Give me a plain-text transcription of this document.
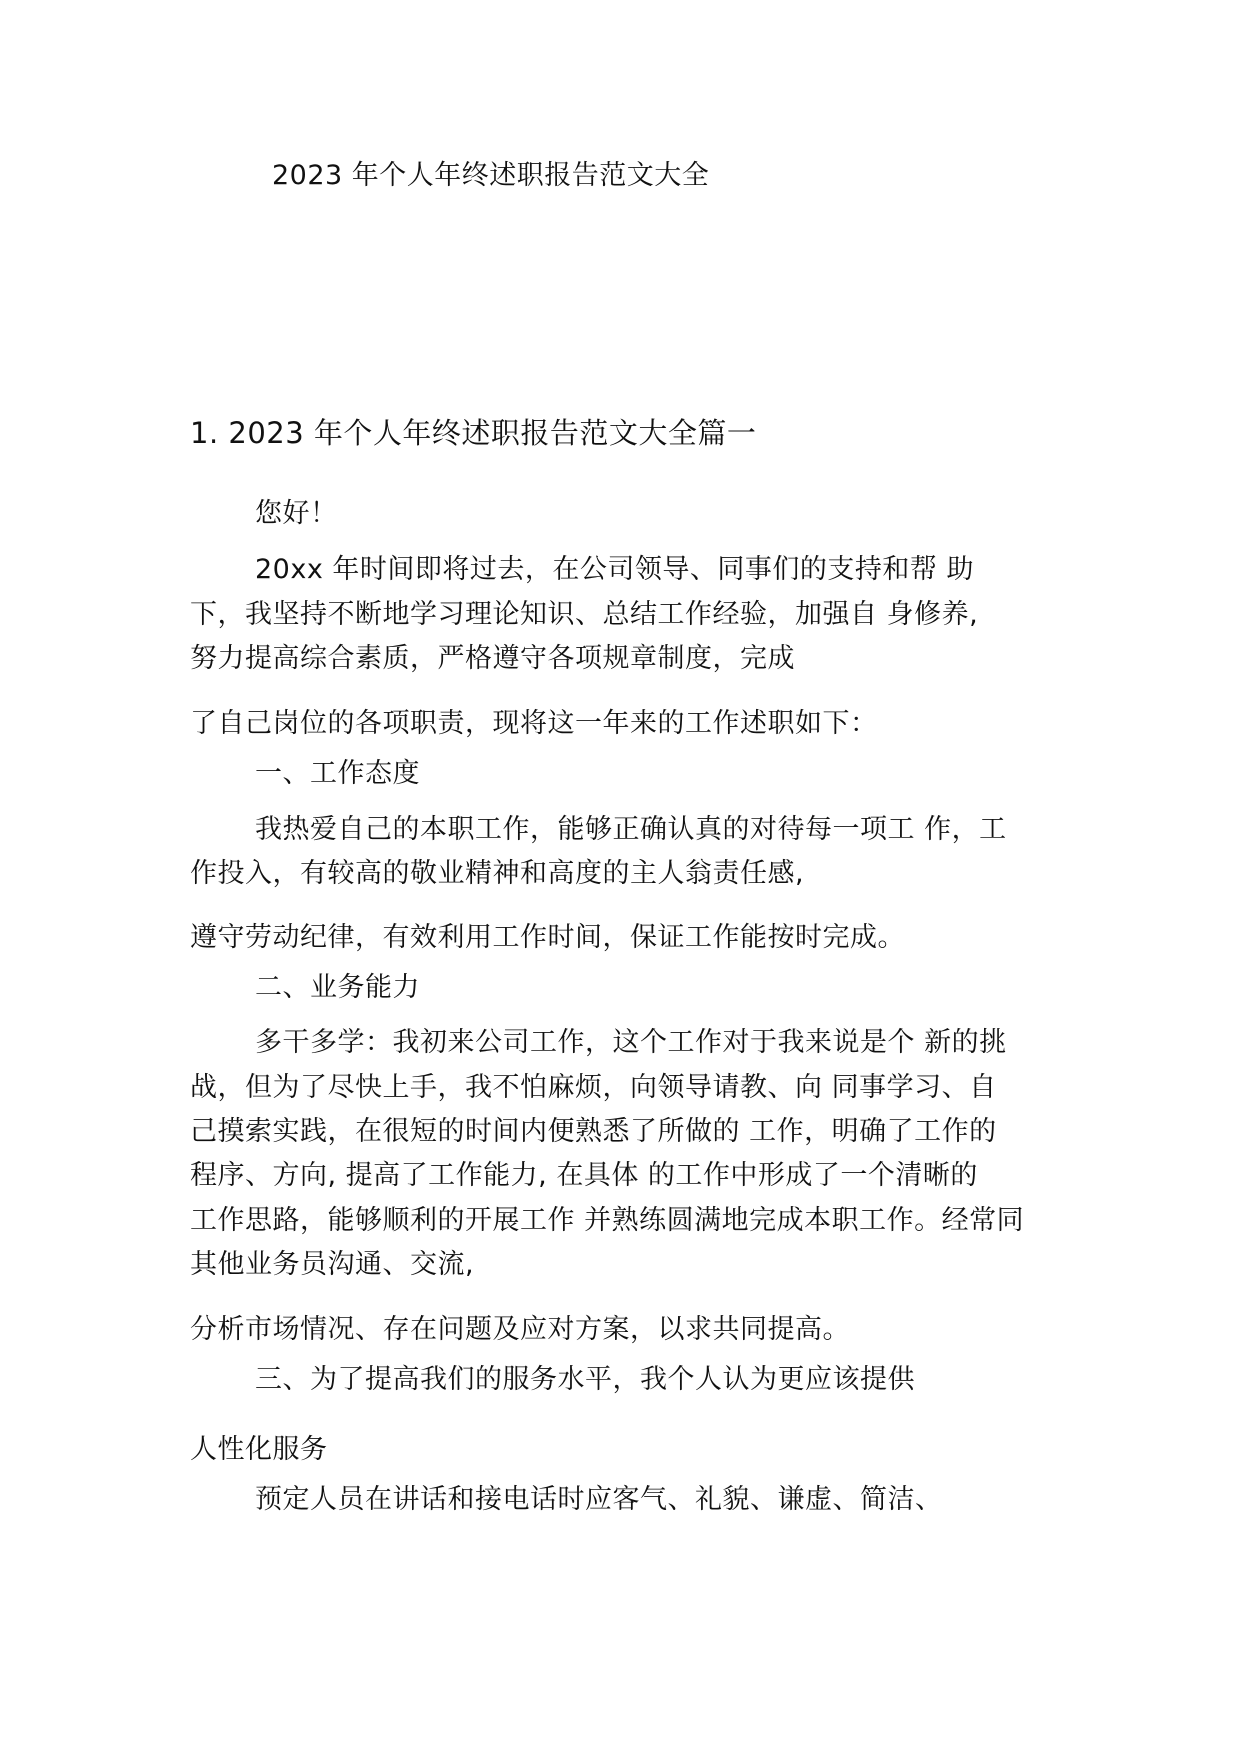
2023 年个人年终述职报告范文大全
1. 2023 年个人年终述职报告范文大全篇一

您好！

20xx 年时间即将过去，在公司领导、同事们的支持和帮 助

下，我坚持不断地学习理论知识、总结工作经验，加强自 身修养,

努力提高综合素质，严格遵守各项规章制度，完成

了自己岗位的各项职责，现将这一年来的工作述职如下：

一、工作态度

我热爱自己的本职工作，能够正确认真的对待每一项工 作，工

作投入，有较高的敬业精神和高度的主人翁责任感,

遵守劳动纪律，有效利用工作时间，保证工作能按时完成。

二、业务能力

多干多学：我初来公司工作，这个工作对于我来说是个 新的挑

战，但为了尽快上手，我不怕麻烦，向领导请教、向 同事学习、自

己摸索实践，在很短的时间内便熟悉了所做的 工作，明确了工作的

程序、方向, 提高了工作能力, 在具体 的工作中形成了一个清晰的

工作思路，能够顺利的开展工作 并熟练圆满地完成本职工作。经常同

其他业务员沟通、交流,

分析市场情况、存在问题及应对方案，以求共同提高。

三、为了提高我们的服务水平，我个人认为更应该提供

人性化服务

预定人员在讲话和接电话时应客气、礼貌、谦虚、简洁、
